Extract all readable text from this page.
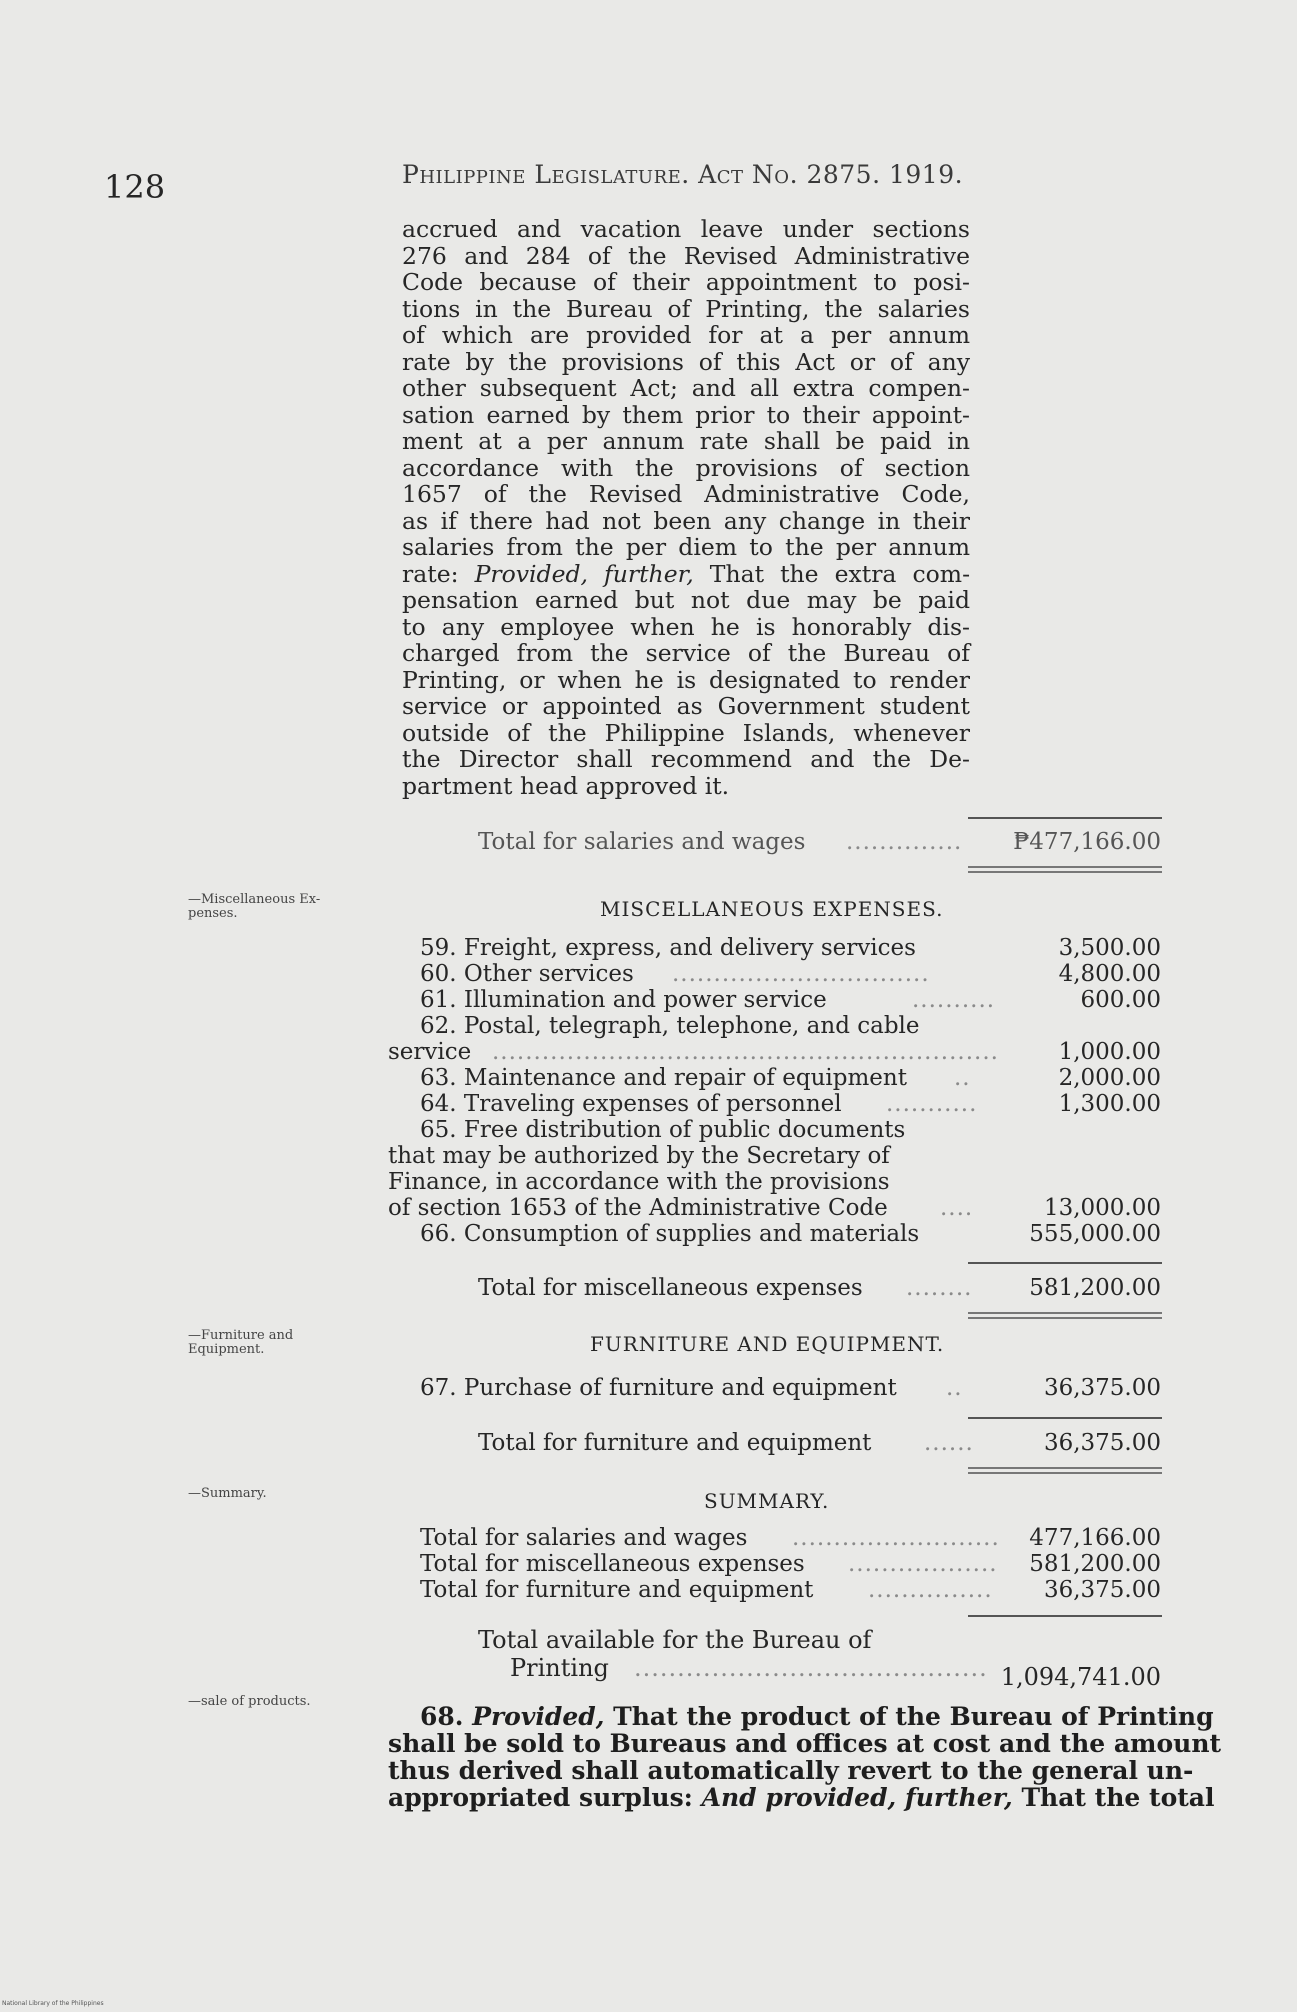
128	Philippine Legislature. Act No. 2875. 1919.
accrued and vacation leave under sections
276 and 284 of the Revised Administrative
Code because of their appointment to posi-
tions in the Bureau of Printing, the salaries
of which are provided for at a per annum
rate by the provisions of this Act or of any
other subsequent Act; and all extra compen-
sation earned by them prior to their appoint-
ment at a per annum rate shall be paid in
accordance with the provisions of section
1657 of the Revised Administrative Code,
as if there had not been any change in their
salaries from the per diem to the per annum
rate: Provided, further, That the extra com-
pensation earned but not due may be paid
to any employee when he is honorably dis-
charged from the service of the Bureau of
Printing, or when he is designated to render
service or appointed as Government student
outside of the Philippine Islands, whenever
the Director shall recommend and the De-
partment head approved it.
Total for salaries and wages .............. ₱477,166.00
—Miscellaneous Ex-penses.	MISCELLANEOUS EXPENSES.
59. Freight, express, and delivery services	3,500.00
60. Other services ...............................	4,800.00
61. Illumination and power service	..........	600.00
62. Postal, telegraph, telephone, and cable
service .............................................................	1,000.00
63. Maintenance and repair of equipment ..	2,000.00
64. Traveling expenses of personnel ...........	1,300.00
65. Free distribution of public documents
that may be authorized by the Secretary of
Finance, in accordance with the provisions
of section 1653 of the Administrative Code ....	13,000.00
66. Consumption of supplies and materials	555,000.00
Total for miscellaneous expenses ........ 581,200.00
—Furniture and Equipment.	FURNITURE AND EQUIPMENT.
67. Purchase of furniture and equipment ..	36,375.00
Total for furniture and equipment ......	36,375.00
—Summary.	SUMMARY.
Total for salaries and wages ......................... 477,166.00
Total for miscellaneous expenses .................. 581,200.00
Total for furniture and equipment ............... 36,375.00
Total available for the Bureau of
Printing ......................................... 1,094,741.00
—sale of products.
68. Provided, That the product of the Bureau of Printing
shall be sold to Bureaus and offices at cost and the amount
thus derived shall automatically revert to the general un-
appropriated surplus: And provided, further, That the total
National Library of the Philippines
